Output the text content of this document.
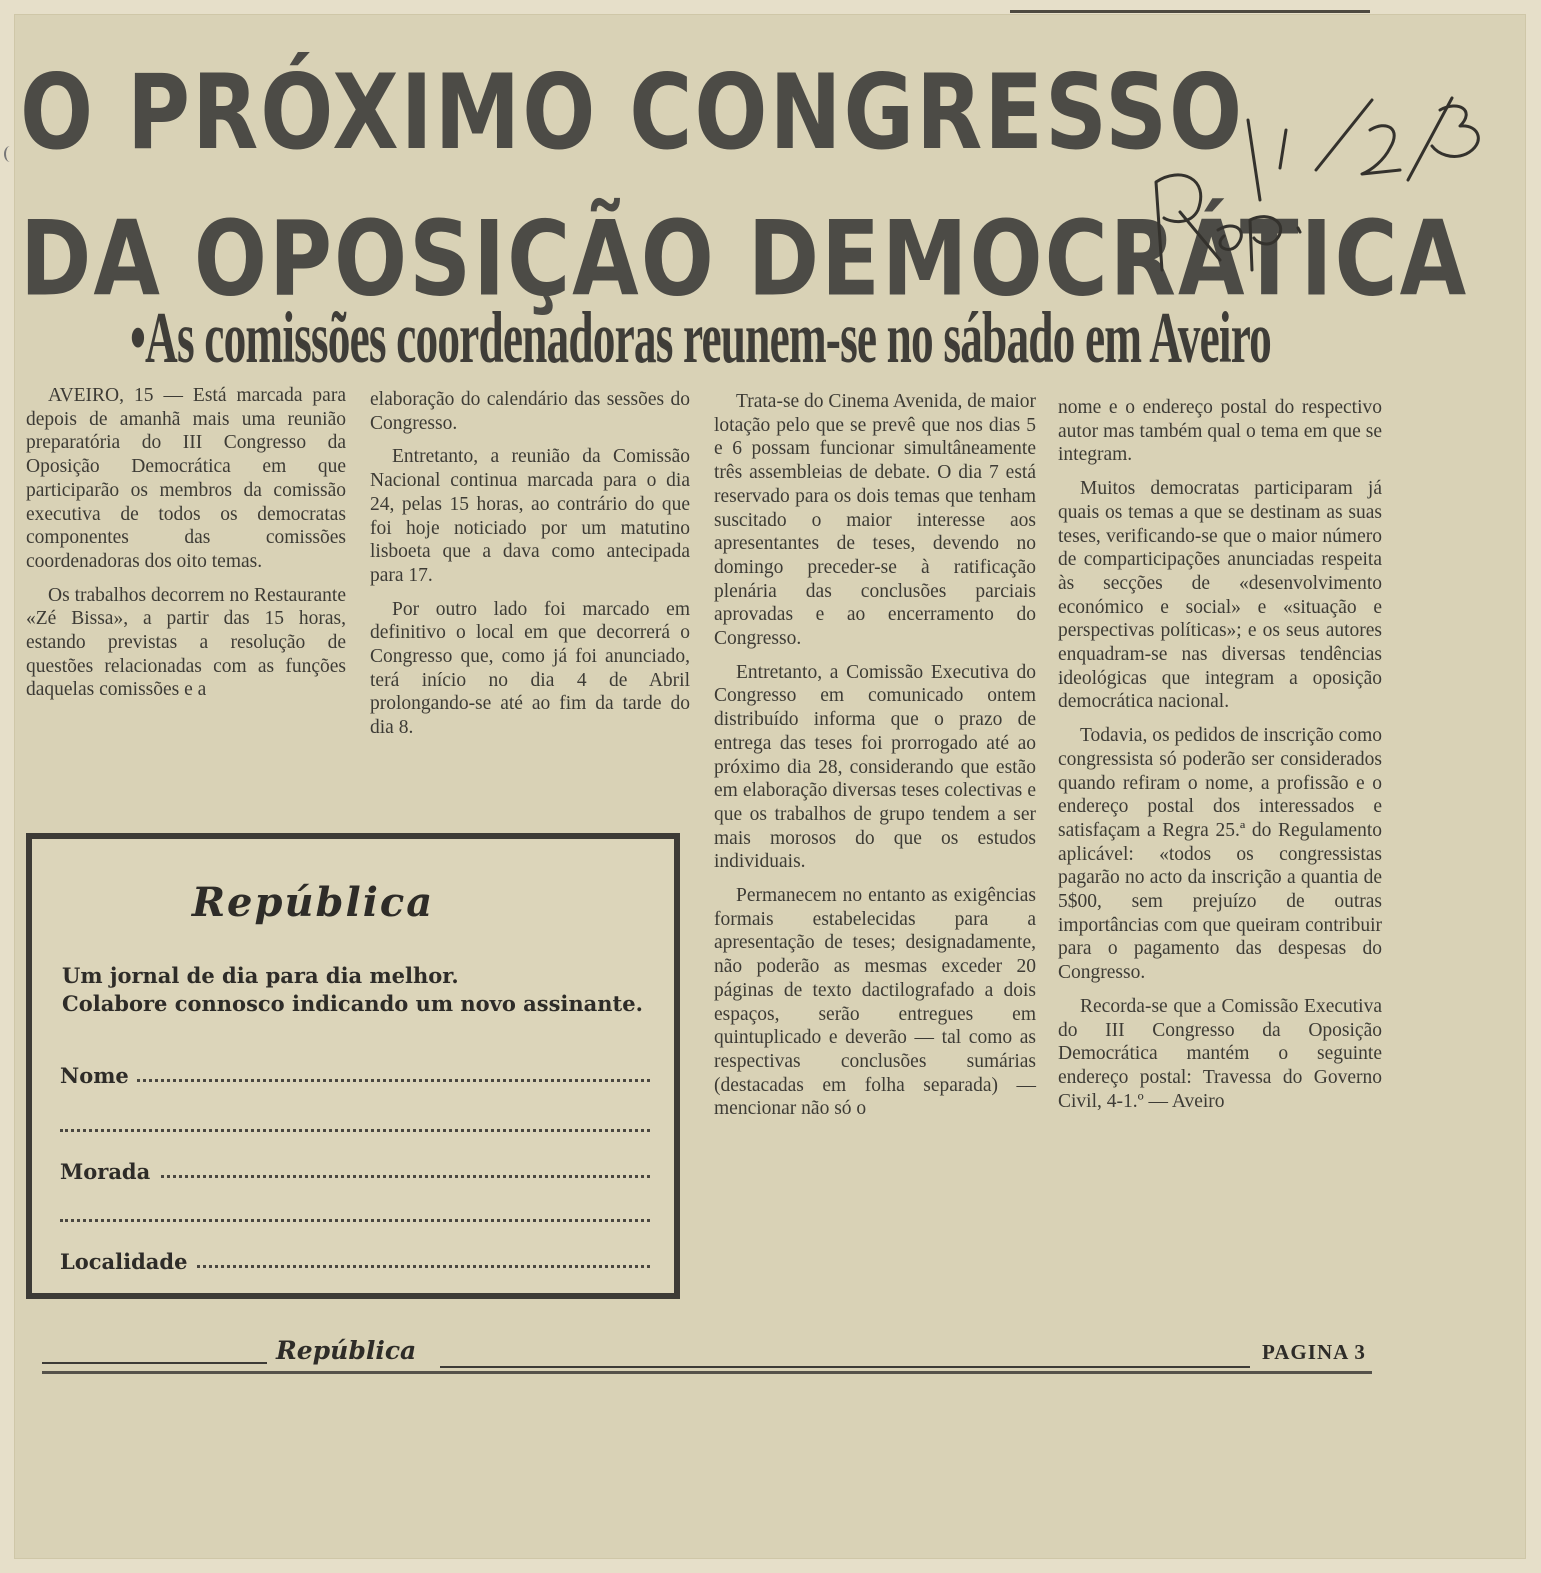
O PRÓXIMO CONGRESSO
DA OPOSIÇÃO DEMOCRÁTICA
•As comissões coordenadoras reunem-se no sábado em Aveiro

AVEIRO, 15 — Está marcada para depois de amanhã mais uma reunião preparatória do III Congresso da Oposição Democrática em que participarão os membros da comissão executiva de todos os democratas componentes das comissões coordenadoras dos oito temas.

Os trabalhos decorrem no Restaurante «Zé Bissa», a partir das 15 horas, estando previstas a resolução de questões relacionadas com as funções daquelas comissões e a

elaboração do calendário das sessões do Congresso.

Entretanto, a reunião da Comissão Nacional continua marcada para o dia 24, pelas 15 horas, ao contrário do que foi hoje noticiado por um matutino lisboeta que a dava como antecipada para 17.

Por outro lado foi marcado em definitivo o local em que decorrerá o Congresso que, como já foi anunciado, terá início no dia 4 de Abril prolongando-se até ao fim da tarde do dia 8.

Trata-se do Cinema Avenida, de maior lotação pelo que se prevê que nos dias 5 e 6 possam funcionar simultâneamente três assembleias de debate. O dia 7 está reservado para os dois temas que tenham suscitado o maior interesse aos apresentantes de teses, devendo no domingo preceder-se à ratificação plenária das conclusões parciais aprovadas e ao encerramento do Congresso.

Entretanto, a Comissão Executiva do Congresso em comunicado ontem distribuído informa que o prazo de entrega das teses foi prorrogado até ao próximo dia 28, considerando que estão em elaboração diversas teses colectivas e que os trabalhos de grupo tendem a ser mais morosos do que os estudos individuais.

Permanecem no entanto as exigências formais estabelecidas para a apresentação de teses; designadamente, não poderão as mesmas exceder 20 páginas de texto dactilografado a dois espaços, serão entregues em quintuplicado e deverão — tal como as respectivas conclusões sumárias (destacadas em folha separada) — mencionar não só o

nome e o endereço postal do respectivo autor mas também qual o tema em que se integram.

Muitos democratas participaram já quais os temas a que se destinam as suas teses, verificando-se que o maior número de comparticipações anunciadas respeita às secções de «desenvolvimento económico e social» e «situação e perspectivas políticas»; e os seus autores enquadram-se nas diversas tendências ideológicas que integram a oposição democrática nacional.

Todavia, os pedidos de inscrição como congressista só poderão ser considerados quando refiram o nome, a profissão e o endereço postal dos interessados e satisfaçam a Regra 25.ª do Regulamento aplicável: «todos os congressistas pagarão no acto da inscrição a quantia de 5$00, sem prejuízo de outras importâncias com que queiram contribuir para o pagamento das despesas do Congresso.

Recorda-se que a Comissão Executiva do III Congresso da Oposição Democrática mantém o seguinte endereço postal: Travessa do Governo Civil, 4-1.º — Aveiro

República
Um jornal de dia para dia melhor.
Colabore connosco indicando um novo assinante.
Nome
Morada
Localidade
República	PAGINA 3
